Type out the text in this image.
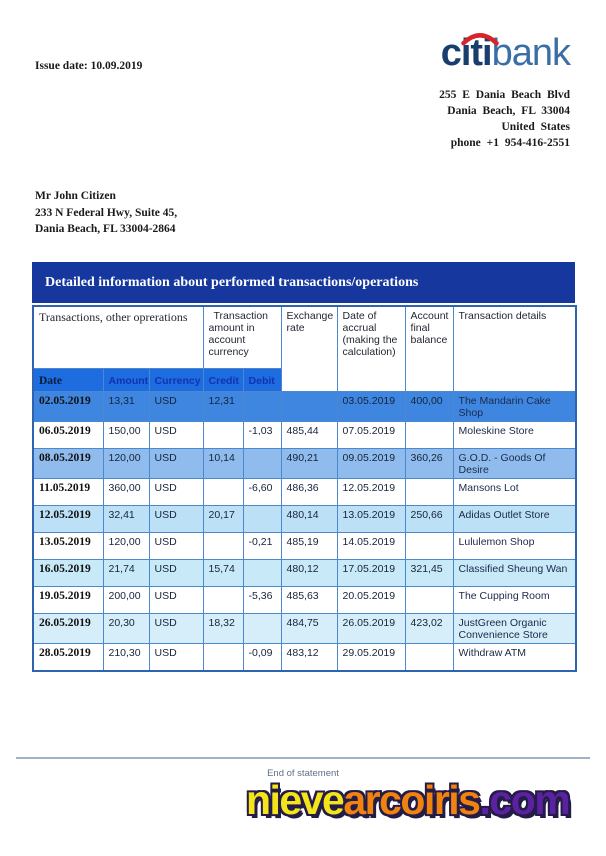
Issue date: 10.09.2019	citibank
255 E Dania Beach Blvd
Dania Beach, FL 33004
United States
phone +1 954-416-2551
Mr John Citizen
233 N Federal Hwy, Suite 45,
Dania Beach, FL 33004-2864
Detailed information about performed transactions/operations
Transactions, other oprerations			Transaction amount in account currency		Exchange rate	Date of accrual (making the calculation)	Account final balance	Transaction details
Date	Amount	Currency	Credit	Debit				
02.05.2019	13,31	USD	12,31			03.05.2019	400,00	The Mandarin Cake Shop
06.05.2019	150,00	USD		-1,03	485,44	07.05.2019		Moleskine Store
08.05.2019	120,00	USD	10,14		490,21	09.05.2019	360,26	G.O.D. - Goods Of Desire
11.05.2019	360,00	USD		-6,60	486,36	12.05.2019		Mansons Lot
12.05.2019	32,41	USD	20,17		480,14	13.05.2019	250,66	Adidas Outlet Store
13.05.2019	120,00	USD		-0,21	485,19	14.05.2019		Lululemon Shop
16.05.2019	21,74	USD	15,74		480,12	17.05.2019	321,45	Classified Sheung Wan
19.05.2019	200,00	USD		-5,36	485,63	20.05.2019		The Cupping Room
26.05.2019	20,30	USD	18,32		484,75	26.05.2019	423,02	JustGreen Organic Convenience Store
28.05.2019	210,30	USD		-0,09	483,12	29.05.2019		Withdraw ATM
End of statement
nievearcoiris.com
